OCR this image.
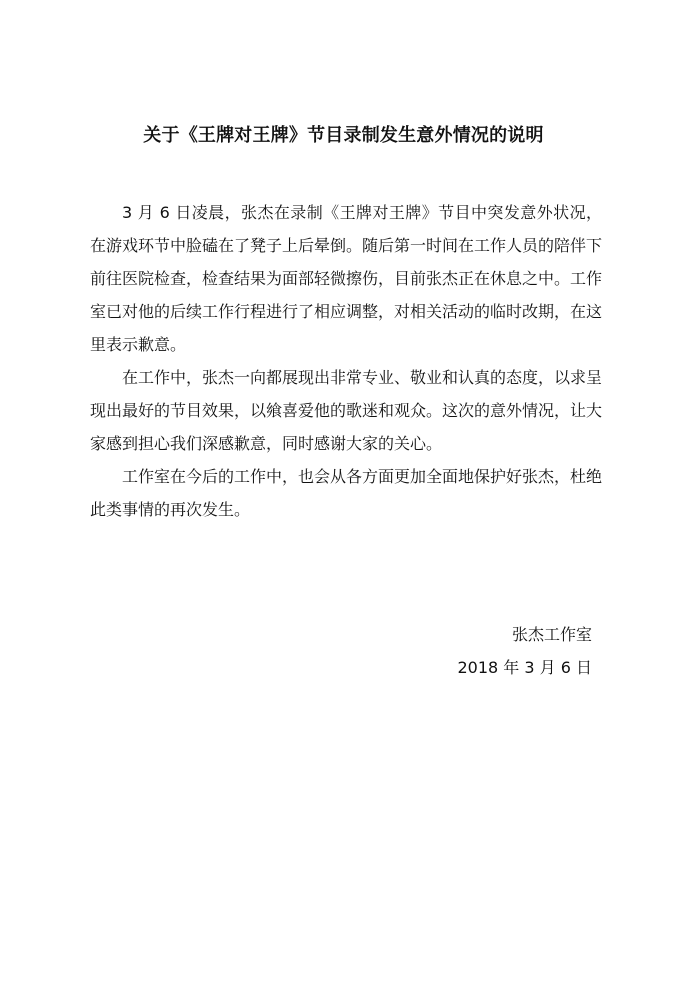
关于《王牌对王牌》节目录制发生意外情况的说明

3 月 6 日凌晨，张杰在录制《王牌对王牌》节目中突发意外状况，在游戏环节中脸磕在了凳子上后晕倒。随后第一时间在工作人员的陪伴下前往医院检查，检查结果为面部轻微擦伤，目前张杰正在休息之中。工作室已对他的后续工作行程进行了相应调整，对相关活动的临时改期，在这里表示歉意。

在工作中，张杰一向都展现出非常专业、敬业和认真的态度，以求呈现出最好的节目效果，以飨喜爱他的歌迷和观众。这次的意外情况，让大家感到担心我们深感歉意，同时感谢大家的关心。

工作室在今后的工作中，也会从各方面更加全面地保护好张杰，杜绝此类事情的再次发生。

张杰工作室
2018 年 3 月 6 日
